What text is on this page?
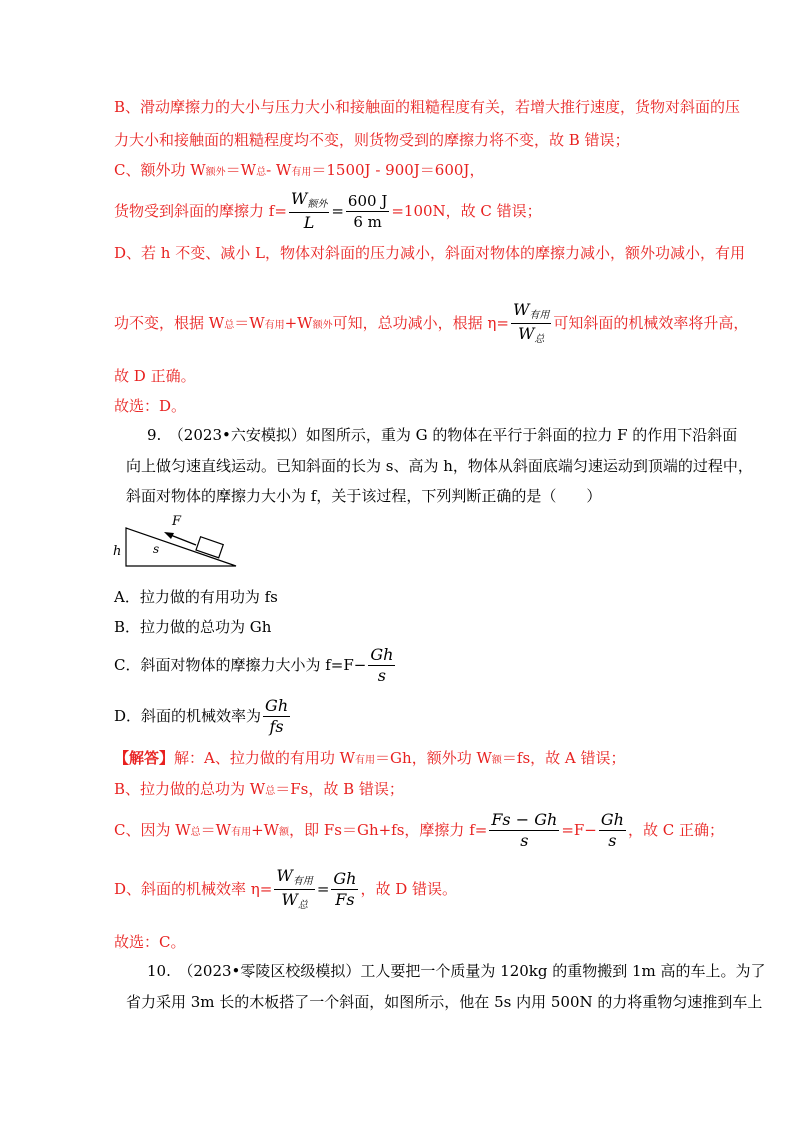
B、滑动摩擦力的大小与压力大小和接触面的粗糙程度有关，若增大推行速度，货物对斜面的压
力大小和接触面的粗糙程度均不变，则货物受到的摩擦力将不变，故 B 错误；
C、额外功 W 额外 ＝W 总 - W 有用 ＝1500J - 900J＝600J，
货物受到斜面的摩擦力 $f= \frac{W_{额外}}{L} = \frac{600 J}{6 m} =100N$，故 C 错误；
D、若 h 不变、减小 L，物体对斜面的压力减小，斜面对物体的摩擦力减小，额外功减小，有用
功不变，根据 W 总 ＝W 有用 +W 额外 可知，总功减小，根据 $\eta= \frac{W_{有用}}{W_总}$ 可知斜面的机械效率将升高，
故 D 正确。
故选：D。
9.　（2023•六安模拟）如图所示，重为 G 的物体在平行于斜面的拉力 F 的作用下沿斜面
向上做匀速直线运动。已知斜面的长为 s、高为 h，物体从斜面底端匀速运动到顶端的过程中，
斜面对物体的摩擦力大小为 f，关于该过程，下列判断正确的是（　　）
F
s
h
A．拉力做的有用功为 fs
B．拉力做的总功为 Gh
C．斜面对物体的摩擦力大小为 $f=F- \frac{Gh}{s}$
D．斜面的机械效率为 $\frac{Gh}{fs}$
【解答】 解：A、拉力做的有用功 W 有用 ＝Gh，额外功 W 额 ＝fs，故 A 错误；
B、拉力做的总功为 W 总 ＝Fs，故 B 错误；
C、因为 W 总 ＝W 有用 +W 额 ，即 Fs＝Gh+fs，摩擦力 $f= \frac{Fs - Gh}{s} =F- \frac{Gh}{s}$ ，故 C 正确；
D、斜面的机械效率 $\eta= \frac{W_{有用}}{W_总} = \frac{Gh}{Fs}$ ，故 D 错误。
故选：C。
10.　（2023•零陵区校级模拟）工人要把一个质量为 120kg 的重物搬到 1m 高的车上。为了
省力采用 3m 长的木板搭了一个斜面，如图所示，他在 5s 内用 500N 的力将重物匀速推到车上
